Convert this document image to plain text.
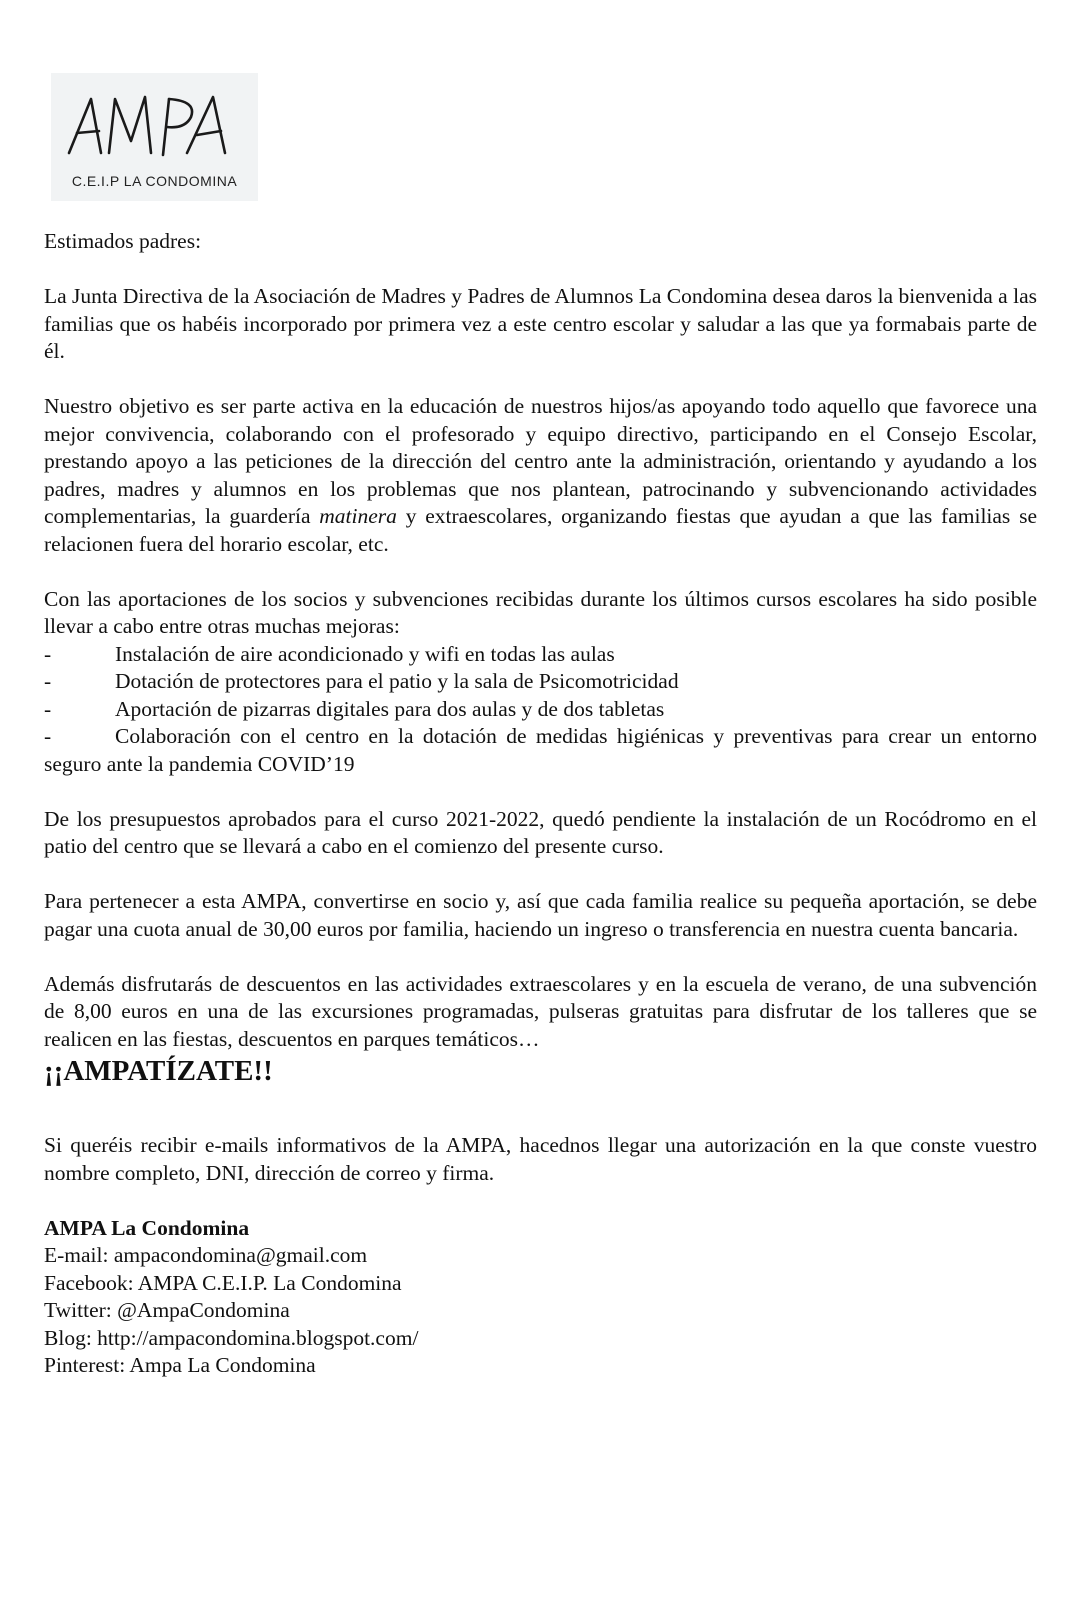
C.E.I.P LA CONDOMINA

Estimados padres:

La Junta Directiva de la Asociación de Madres y Padres de Alumnos La Condomina desea daros la bienvenida a las familias que os habéis incorporado por primera vez a este centro escolar y saludar a las que ya formabais parte de él.

Nuestro objetivo es ser parte activa en la educación de nuestros hijos/as apoyando todo aquello que favorece una mejor convivencia, colaborando con el profesorado y equipo directivo, participando en el Consejo Escolar, prestando apoyo a las peticiones de la dirección del centro ante la administración, orientando y ayudando a los padres, madres y alumnos en los problemas que nos plantean, patrocinando y subvencionando actividades complementarias, la guardería matinera y extraescolares, organizando fiestas que ayudan a que las familias se relacionen fuera del horario escolar, etc.

Con las aportaciones de los socios y subvenciones recibidas durante los últimos cursos escolares ha sido posible llevar a cabo entre otras muchas mejoras:

-	Instalación de aire acondicionado y wifi en todas las aulas
-	Dotación de protectores para el patio y la sala de Psicomotricidad
-	Aportación de pizarras digitales para dos aulas y de dos tabletas
-	Colaboración con el centro en la dotación de medidas higiénicas y preventivas para crear un entorno seguro ante la pandemia COVID’19

De los presupuestos aprobados para el curso 2021-2022, quedó pendiente la instalación de un Rocódromo en el patio del centro que se llevará a cabo en el comienzo del presente curso.

Para pertenecer a esta AMPA, convertirse en socio y, así que cada familia realice su pequeña aportación, se debe pagar una cuota anual de 30,00 euros por familia, haciendo un ingreso o transferencia en nuestra cuenta bancaria.

Además disfrutarás de descuentos en las actividades extraescolares y en la escuela de verano, de una subvención de 8,00 euros en una de las excursiones programadas, pulseras gratuitas para disfrutar de los talleres que se realicen en las fiestas, descuentos en parques temáticos…

¡¡AMPATÍZATE!!

Si queréis recibir e-mails informativos de la AMPA, hacednos llegar una autorización en la que conste vuestro nombre completo, DNI, dirección de correo y firma.

AMPA La Condomina
E-mail: ampacondomina@gmail.com
Facebook: AMPA C.E.I.P. La Condomina
Twitter: @AmpaCondomina
Blog: http://ampacondomina.blogspot.com/
Pinterest: Ampa La Condomina
